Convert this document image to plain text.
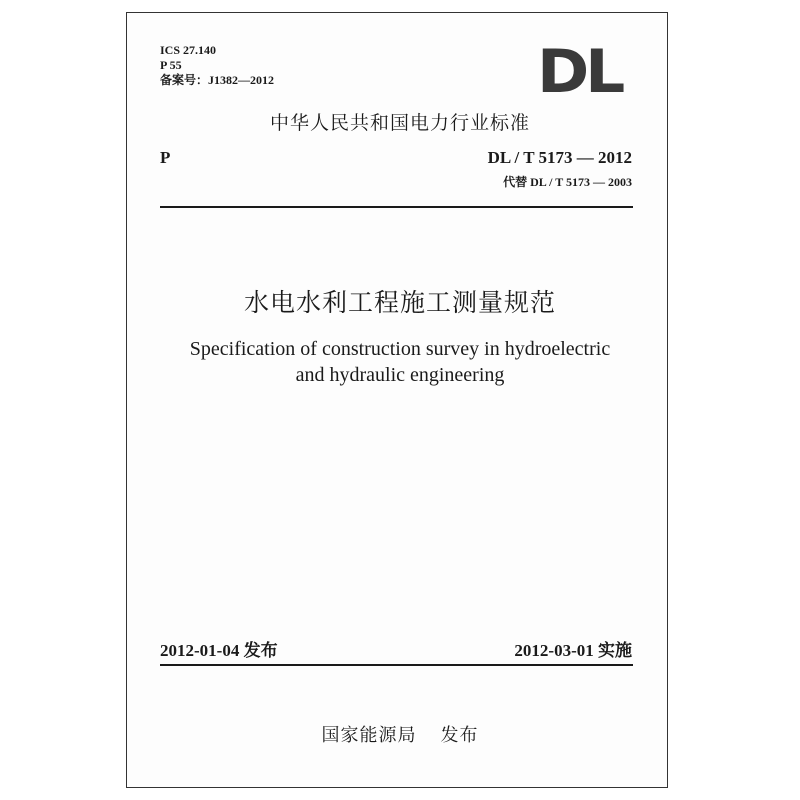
ICS 27.140
P 55
备案号：J1382—2012	DL
中华人民共和国电力行业标准
P	DL / T 5173 — 2012
代替 DL / T 5173 — 2003
水电水利工程施工测量规范
Specification of construction survey in hydroelectric
and hydraulic engineering
2012-01-04 发布	2012-03-01 实施
国家能源局 发布
